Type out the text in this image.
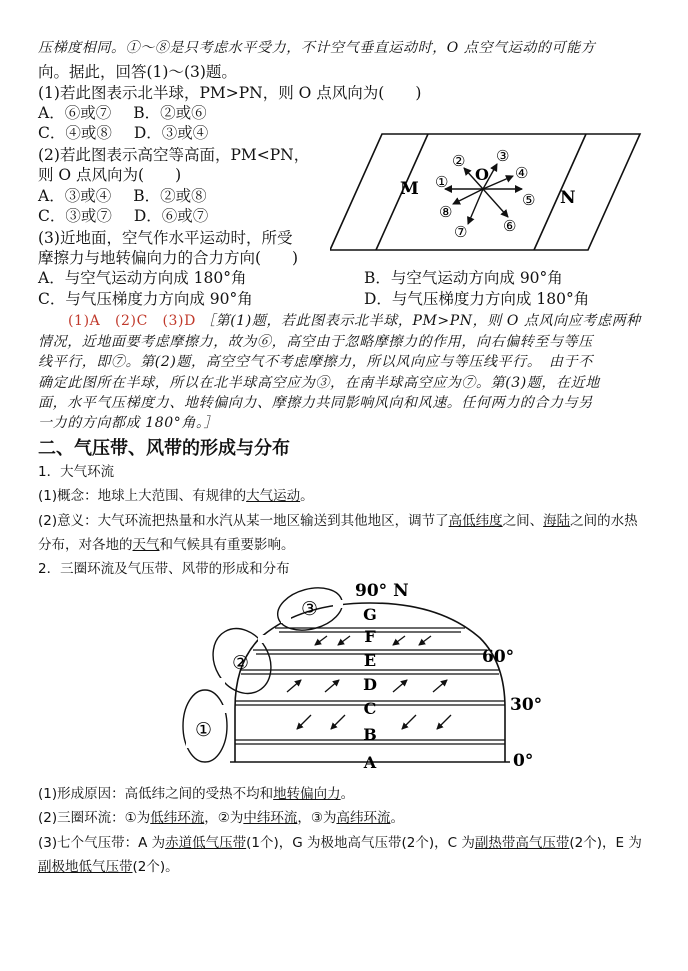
压梯度相同。①～⑧是只考虑水平受力，不计空气垂直运动时，O 点空气运动的可能方
向。据此，回答(1)～(3)题。
(1)若此图表示北半球，PM>PN，则 O 点风向为(　　)
A．⑥或⑦ B．②或⑥
C．④或⑧ D．③或④
(2)若此图表示高空等高面，PM<PN，
则 O 点风向为(　　)
A．③或④ B．②或⑧
C．③或⑦ D．⑥或⑦
(3)近地面，空气作水平运动时，所受
摩擦力与地转偏向力的合力方向(　　)
A．与空气运动方向成 180°角	B．与空气运动方向成 90°角
C．与气压梯度力方向成 90°角	D．与气压梯度力方向成 180°角
(1)A　(2)C　(3)D ［第(1)题，若此图表示北半球，PM>PN，则 O 点风向应考虑两种
情况，近地面要考虑摩擦力，故为⑥，高空由于忽略摩擦力的作用，向右偏转至与等压
线平行，即⑦。第(2)题，高空空气不考虑摩擦力，所以风向应与等压线平行。　由于不
确定此图所在半球，所以在北半球高空应为③，在南半球高空应为⑦。第(3)题，在近地
面，水平气压梯度力、地转偏向力、摩擦力共同影响风向和风速。任何两力的合力与另
一力的方向都成 180°角。］
M	N
O
①
② ③
④
⑤
⑥
⑦
⑧
二、气压带、风带的形成与分布
1．大气环流
(1)概念：地球上大范围、有规律的大气运动。
(2)意义：大气环流把热量和水汽从某一地区输送到其他地区，调节了高低纬度之间、海陆之间的水热
分布，对各地的天气和气候具有重要影响。
2．三圈环流及气压带、风带的形成和分布
①
②
③
90° N
60°
30°
0°
G
F
E
D
C
B
A
(1)形成原因：高低纬之间的受热不均和地转偏向力。
(2)三圈环流：①为低纬环流，②为中纬环流，③为高纬环流。
(3)七个气压带：A 为赤道低气压带(1个)，G 为极地高气压带(2个)，C 为副热带高气压带(2个)，E 为
副极地低气压带(2个)。
